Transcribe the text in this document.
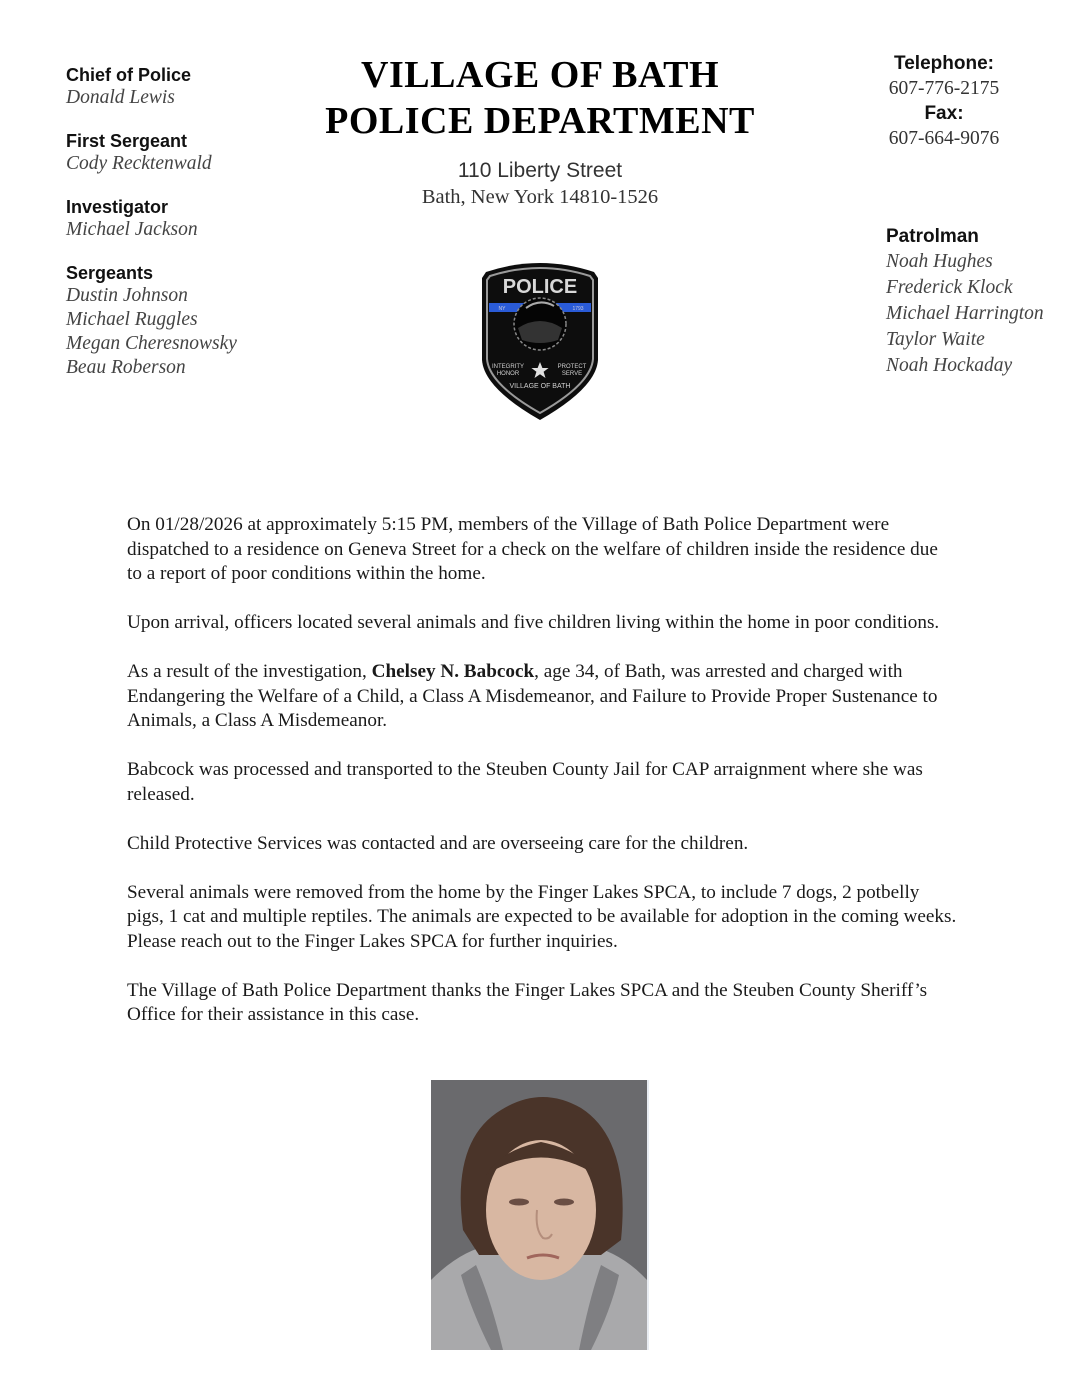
Chief of Police

Donald Lewis

First Sergeant

Cody Recktenwald

Investigator

Michael Jackson

Sergeants

Dustin Johnson

Michael Ruggles

Megan Cheresnowsky

Beau Roberson

VILLAGE OF BATH

POLICE DEPARTMENT

110 Liberty Street
Bath, New York 14810-1526
Telephone:
607-776-2175
Fax:
607-664-9076

Patrolman

Noah Hughes

Frederick Klock

Michael Harrington

Taylor Waite

Noah Hockaday

POLICE
NY	1793
INTEGRITY
HONOR
PROTECT
SERVE
VILLAGE OF BATH

On 01/28/2026 at approximately 5:15 PM, members of the Village of Bath Police Department were dispatched to a residence on Geneva Street for a check on the welfare of children inside the residence due to a report of poor conditions within the home.

Upon arrival, officers located several animals and five children living within the home in poor conditions.

As a result of the investigation, Chelsey N. Babcock, age 34, of Bath, was arrested and charged with Endangering the Welfare of a Child, a Class A Misdemeanor, and Failure to Provide Proper Sustenance to Animals, a Class A Misdemeanor.

Babcock was processed and transported to the Steuben County Jail for CAP arraignment where she was released.

Child Protective Services was contacted and are overseeing care for the children.

Several animals were removed from the home by the Finger Lakes SPCA, to include 7 dogs, 2 potbelly pigs, 1 cat and multiple reptiles. The animals are expected to be available for adoption in the coming weeks. Please reach out to the Finger Lakes SPCA for further inquiries.

The Village of Bath Police Department thanks the Finger Lakes SPCA and the Steuben County Sheriff’s Office for their assistance in this case.
